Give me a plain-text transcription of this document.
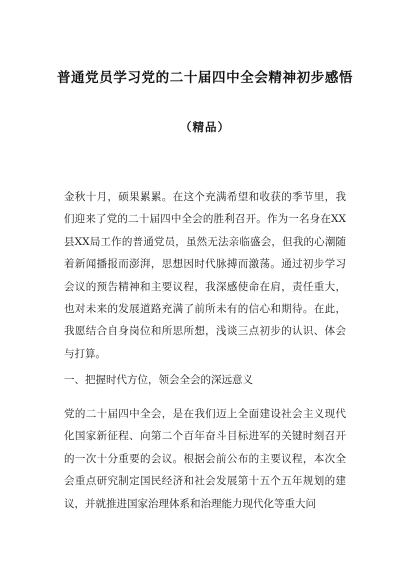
普通党员学习党的二十届四中全会精神初步感悟
（精品）

金秋十月，硕果累累。在这个充满希望和收获的季节里，我们迎来了党的二十届四中全会的胜利召开。作为一名身在XX县XX局工作的普通党员，虽然无法亲临盛会，但我的心潮随着新闻播报而澎湃，思想因时代脉搏而激荡。通过初步学习会议的预告精神和主要议程，我深感使命在肩，责任重大，也对未来的发展道路充满了前所未有的信心和期待。在此，我愿结合自身岗位和所思所想，浅谈三点初步的认识、体会与打算。

一、把握时代方位，领会全会的深远意义

党的二十届四中全会，是在我们迈上全面建设社会主义现代化国家新征程、向第二个百年奋斗目标进军的关键时刻召开的一次十分重要的会议。根据会前公布的主要议程，本次全会重点研究制定国民经济和社会发展第十五个五年规划的建议，并就推进国家治理体系和治理能力现代化等重大问
